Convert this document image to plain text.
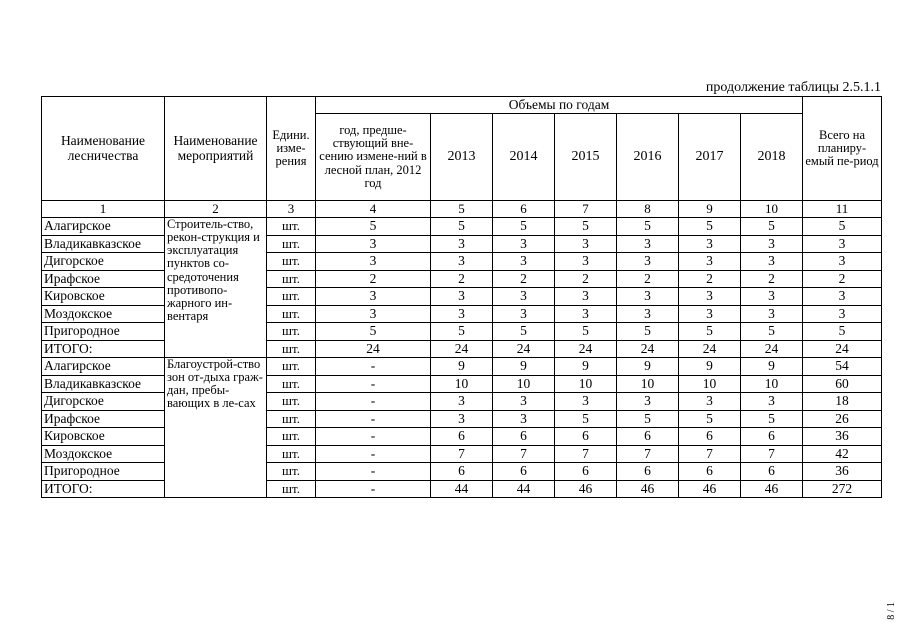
продолжение таблицы 2.5.1.1
Наименование лесничества	Наименование мероприятий	Едини. изме-рения	Объемы по годам							Всего на планиру-емый пе-риод
			год, предше-ствующий вне-сению измене-ний в лесной план, 2012 год	2013	2014	2015	2016	2017	2018	
1	2	3	4	5	6	7	8	9	10	11
Алагирское	Строитель-ство, рекон-струкция и эксплуатация пунктов со-средоточения противопо-жарного ин-вентаря	шт.	5	5	5	5	5	5	5	5
Владикавказское		шт.	3	3	3	3	3	3	3	3
Дигорское		шт.	3	3	3	3	3	3	3	3
Ирафское		шт.	2	2	2	2	2	2	2	2
Кировское		шт.	3	3	3	3	3	3	3	3
Моздокское		шт.	3	3	3	3	3	3	3	3
Пригородное		шт.	5	5	5	5	5	5	5	5
ИТОГО:		шт.	24	24	24	24	24	24	24	24
Алагирское	Благоустрой-ство зон от-дыха граж-дан, пребы-вающих в ле-сах	шт.	-	9	9	9	9	9	9	54
Владикавказское		шт.	-	10	10	10	10	10	10	60
Дигорское		шт.	-	3	3	3	3	3	3	18
Ирафское		шт.	-	3	3	5	5	5	5	26
Кировское		шт.	-	6	6	6	6	6	6	36
Моздокское		шт.	-	7	7	7	7	7	7	42
Пригородное		шт.	-	6	6	6	6	6	6	36
ИТОГО:		шт.	-	44	44	46	46	46	46	272
8 / 1
